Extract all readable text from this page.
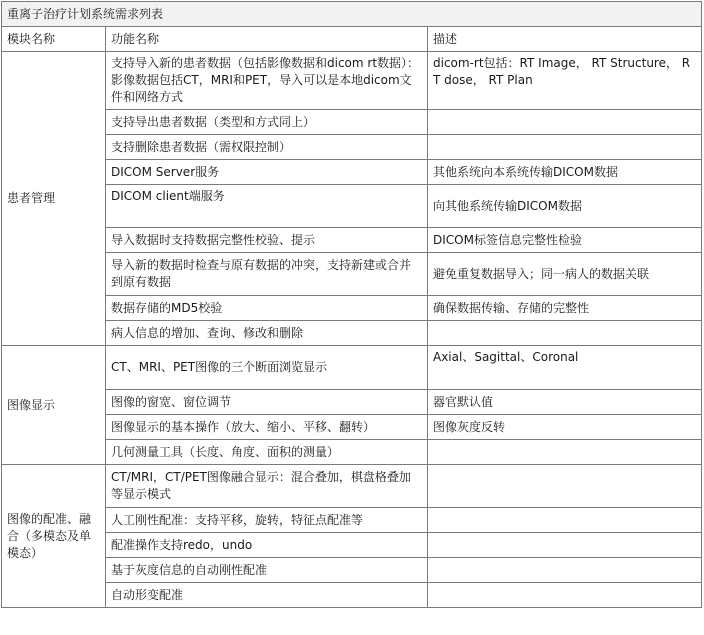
重离子治疗计划系统需求列表		
模块名称	功能名称	描述
患者管理	支持导入新的患者数据（包括影像数据和dicom rt数据）：影像数据包括CT，MRI和PET，导入可以是本地dicom文件和网络方式	dicom-rt包括：RT Image， RT Structure， RT dose， RT Plan
	支持导出患者数据（类型和方式同上）	
	支持删除患者数据（需权限控制）	
	DICOM Server服务	其他系统向本系统传输DICOM数据
	DICOM client端服务	向其他系统传输DICOM数据
	导入数据时支持数据完整性校验、提示	DICOM标签信息完整性检验
	导入新的数据时检查与原有数据的冲突，支持新建或合并到原有数据	避免重复数据导入；同一病人的数据关联
	数据存储的MD5校验	确保数据传输、存储的完整性
	病人信息的增加、查询、修改和删除	
图像显示	CT、MRI、PET图像的三个断面浏览显示	Axial、Sagittal、Coronal
	图像的窗宽、窗位调节	器官默认值
	图像显示的基本操作（放大、缩小、平移、翻转）	图像灰度反转
	几何测量工具（长度、角度、面积的测量）	
图像的配准、融合（多模态及单模态）	CT/MRI，CT/PET图像融合显示：混合叠加，棋盘格叠加等显示模式	
	人工刚性配准：支持平移，旋转，特征点配准等	
	配准操作支持redo，undo	
	基于灰度信息的自动刚性配准	
	自动形变配准	
